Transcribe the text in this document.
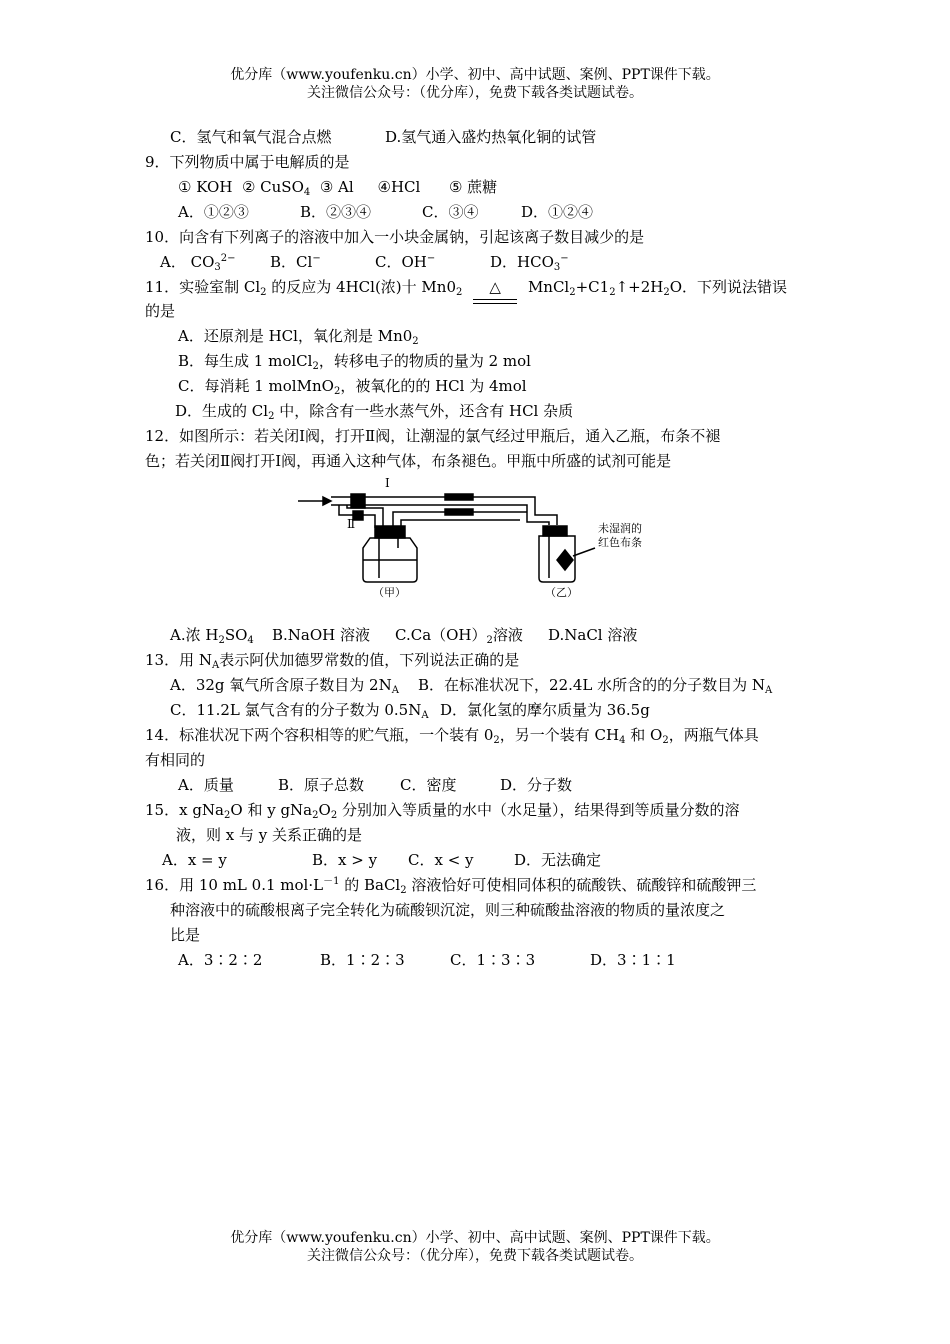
优分库（www.youfenku.cn）小学、初中、高中试题、案例、PPT课件下载。
关注微信公众号：（优分库），免费下载各类试题试卷。
C．氢气和氧气混合点燃	D.氢气通入盛灼热氧化铜的试管
9．下列物质中属于电解质的是
① KOH ② CuSO$_4$ ③ Al ④HCl ⑤ 蔗糖
A．①②③	B．②③④	C．③④	D．①②④
10．向含有下列离子的溶液中加入一小块金属钠，引起该离子数目减少的是
A． $CO_3^{2-}$ B．Cl−	C．OH−	D．$HCO_3^-$
11．实验室制 $Cl_2$ 的反应为 4HCl(浓)十 $Mn0_2$ △ $MnCl_2+C1_2↑+2H_2O$．下列说法错误
的是
A．还原剂是 HCl，氧化剂是 $Mn0_2$
B．每生成 1 molCl$_2$，转移电子的物质的量为 2 mol
C．每消耗 1 molMnO$_2$，被氧化的的 HCl 为 4mol
D．生成的 $Cl_2$ 中，除含有一些水蒸气外，还含有 HCl 杂质
12．如图所示：若关闭Ⅰ阀，打开Ⅱ阀，让潮湿的氯气经过甲瓶后，通入乙瓶，布条不褪
色；若关闭Ⅱ阀打开Ⅰ阀，再通入这种气体，布条褪色。甲瓶中所盛的试剂可能是
Ⅰ
Ⅱ
（甲）	（乙）
未湿润的
红色布条
A.浓 $H_2SO_4$ B.NaOH 溶液 $C.Ca(OH)_2$溶液 D.NaCl 溶液
13．用 $N_A$表示阿伏加德罗常数的值，下列说法正确的是
A．32g 氧气所含原子数目为 $2N_A$ B．在标准状况下，22.4L 水所含的的分子数目为 $N_A$
C．11.2L 氯气含有的分子数为 $0.5N_A$ D．氯化氢的摩尔质量为 36.5g
14．标准状况下两个容积相等的贮气瓶，一个装有 $0_2$，另一个装有 $CH_4$ 和 $O_2$，两瓶气体具
有相同的
A．质量	B．原子总数 C．密度	D．分子数
15．x gNa$_2$O 和 y $gNa_2O_2$ 分别加入等质量的水中（水足量），结果得到等质量分数的溶
液，则 x 与 y 关系正确的是
A．x = y	B．x > y C．x < y	D．无法确定
16．用 10 mL 0.1 $mol\cdot L^{-1}$ 的 BaCl$_2$ 溶液恰好可使相同体积的硫酸铁、硫酸锌和硫酸钾三
种溶液中的硫酸根离子完全转化为硫酸钡沉淀，则三种硫酸盐溶液的物质的量浓度之
比是
A．3∶2∶2	B．1∶2∶3	C．1∶3∶3	D．3∶1∶1
优分库（www.youfenku.cn）小学、初中、高中试题、案例、PPT课件下载。
关注微信公众号：（优分库），免费下载各类试题试卷。
